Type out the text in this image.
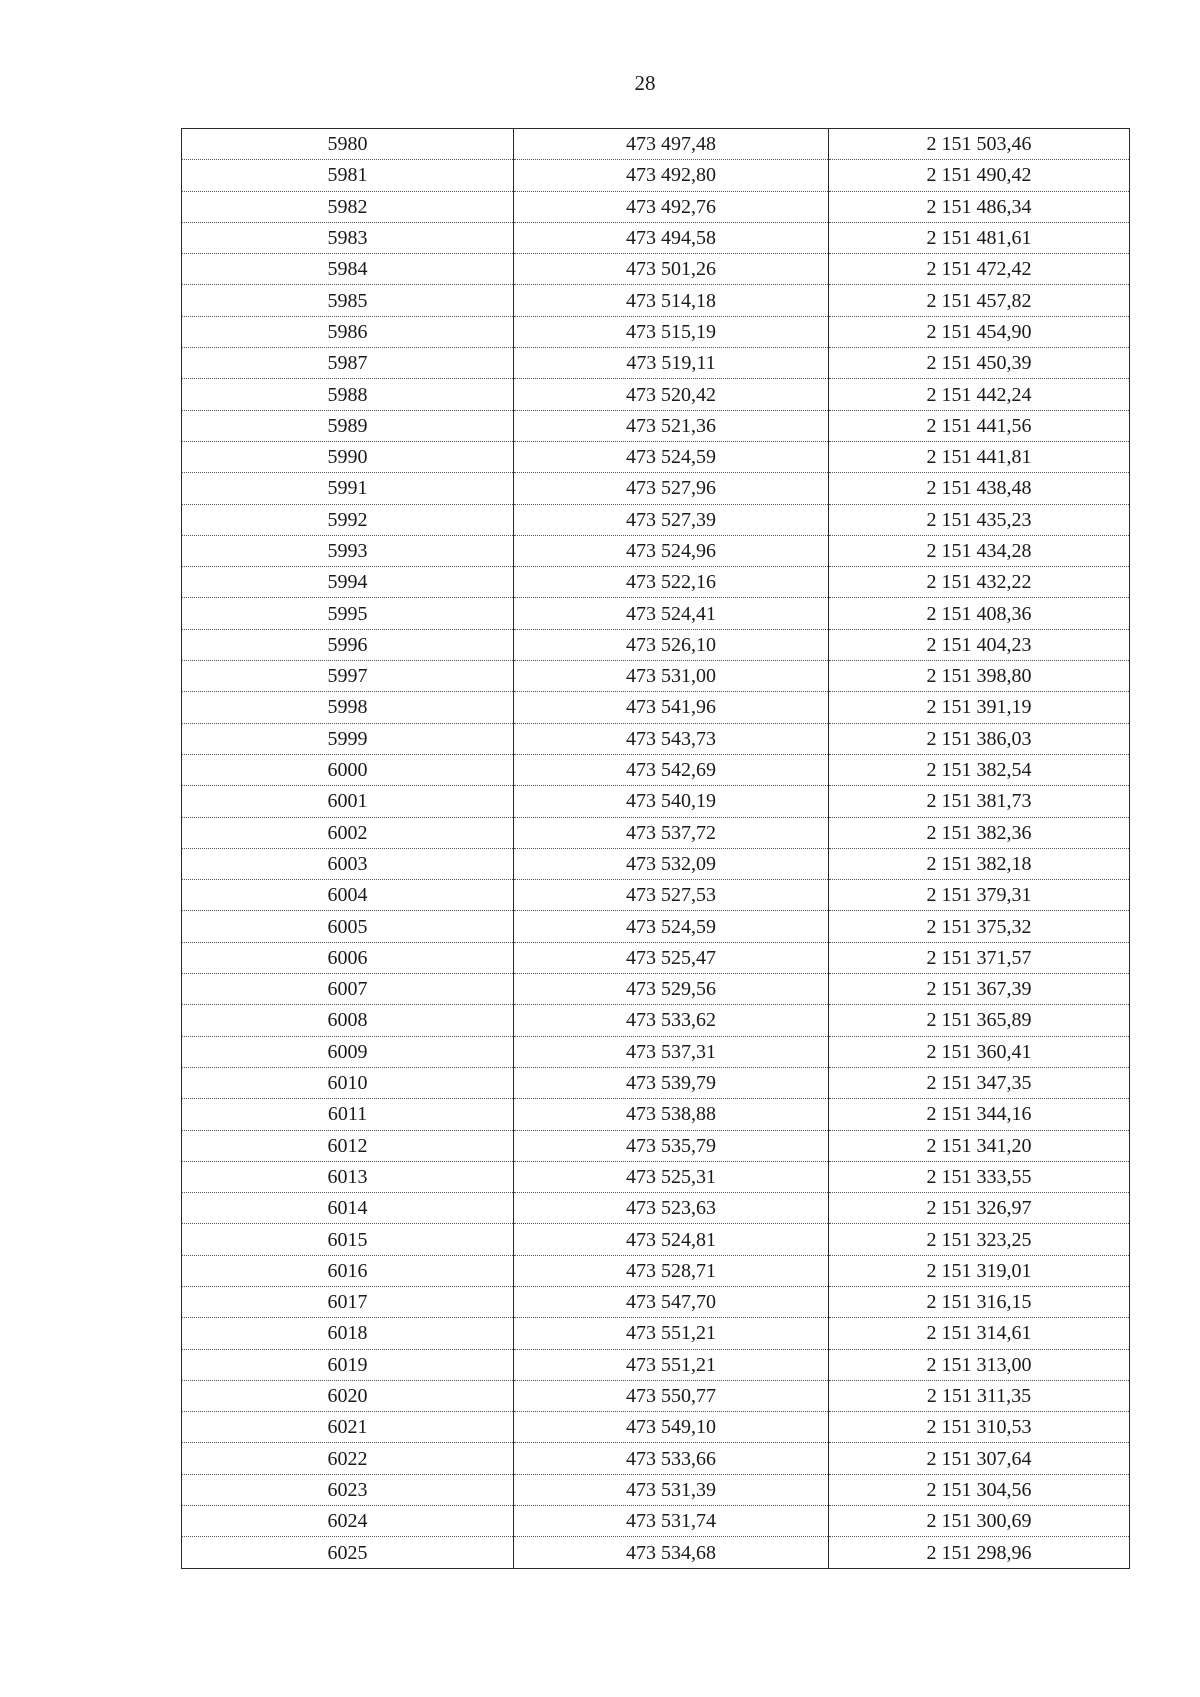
28
5980	473 497,48	2 151 503,46
5981	473 492,80	2 151 490,42
5982	473 492,76	2 151 486,34
5983	473 494,58	2 151 481,61
5984	473 501,26	2 151 472,42
5985	473 514,18	2 151 457,82
5986	473 515,19	2 151 454,90
5987	473 519,11	2 151 450,39
5988	473 520,42	2 151 442,24
5989	473 521,36	2 151 441,56
5990	473 524,59	2 151 441,81
5991	473 527,96	2 151 438,48
5992	473 527,39	2 151 435,23
5993	473 524,96	2 151 434,28
5994	473 522,16	2 151 432,22
5995	473 524,41	2 151 408,36
5996	473 526,10	2 151 404,23
5997	473 531,00	2 151 398,80
5998	473 541,96	2 151 391,19
5999	473 543,73	2 151 386,03
6000	473 542,69	2 151 382,54
6001	473 540,19	2 151 381,73
6002	473 537,72	2 151 382,36
6003	473 532,09	2 151 382,18
6004	473 527,53	2 151 379,31
6005	473 524,59	2 151 375,32
6006	473 525,47	2 151 371,57
6007	473 529,56	2 151 367,39
6008	473 533,62	2 151 365,89
6009	473 537,31	2 151 360,41
6010	473 539,79	2 151 347,35
6011	473 538,88	2 151 344,16
6012	473 535,79	2 151 341,20
6013	473 525,31	2 151 333,55
6014	473 523,63	2 151 326,97
6015	473 524,81	2 151 323,25
6016	473 528,71	2 151 319,01
6017	473 547,70	2 151 316,15
6018	473 551,21	2 151 314,61
6019	473 551,21	2 151 313,00
6020	473 550,77	2 151 311,35
6021	473 549,10	2 151 310,53
6022	473 533,66	2 151 307,64
6023	473 531,39	2 151 304,56
6024	473 531,74	2 151 300,69
6025	473 534,68	2 151 298,96
